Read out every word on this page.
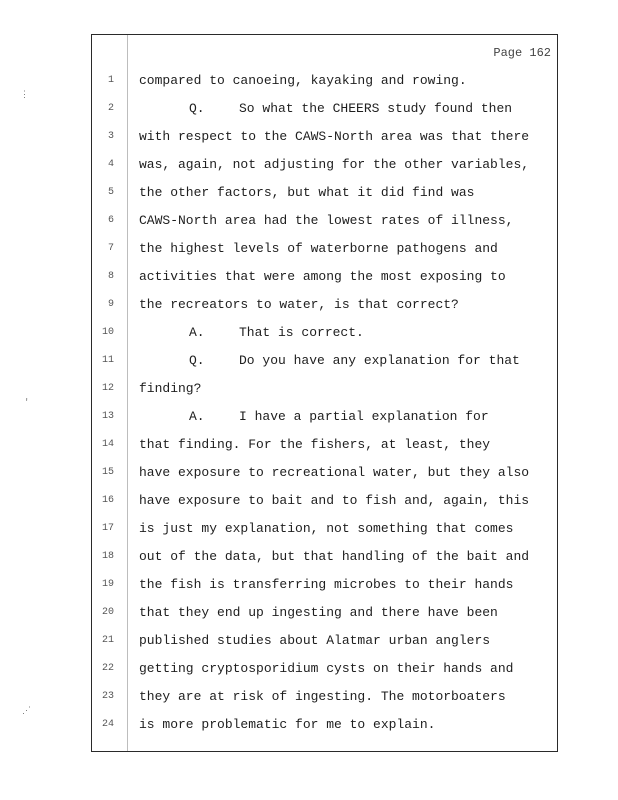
Page 162
1 compared to canoeing, kayaking and rowing.
2	Q.	So what the CHEERS study found then
3 with respect to the CAWS-North area was that there
4 was, again, not adjusting for the other variables,
5 the other factors, but what it did find was
6 CAWS-North area had the lowest rates of illness,
7 the highest levels of waterborne pathogens and
8 activities that were among the most exposing to
9 the recreators to water, is that correct?
10	A.	That is correct.
11	Q.	Do you have any explanation for that
12 finding?
13	A.	I have a partial explanation for
14 that finding. For the fishers, at least, they
15 have exposure to recreational water, but they also
16 have exposure to bait and to fish and, again, this
17 is just my explanation, not something that comes
18 out of the data, but that handling of the bait and
19 the fish is transferring microbes to their hands
20 that they end up ingesting and there have been
21 published studies about Alatmar urban anglers
22 getting cryptosporidium cysts on their hands and
23 they are at risk of ingesting. The motorboaters
24 is more problematic for me to explain.
⋮
ʹ
⋰
